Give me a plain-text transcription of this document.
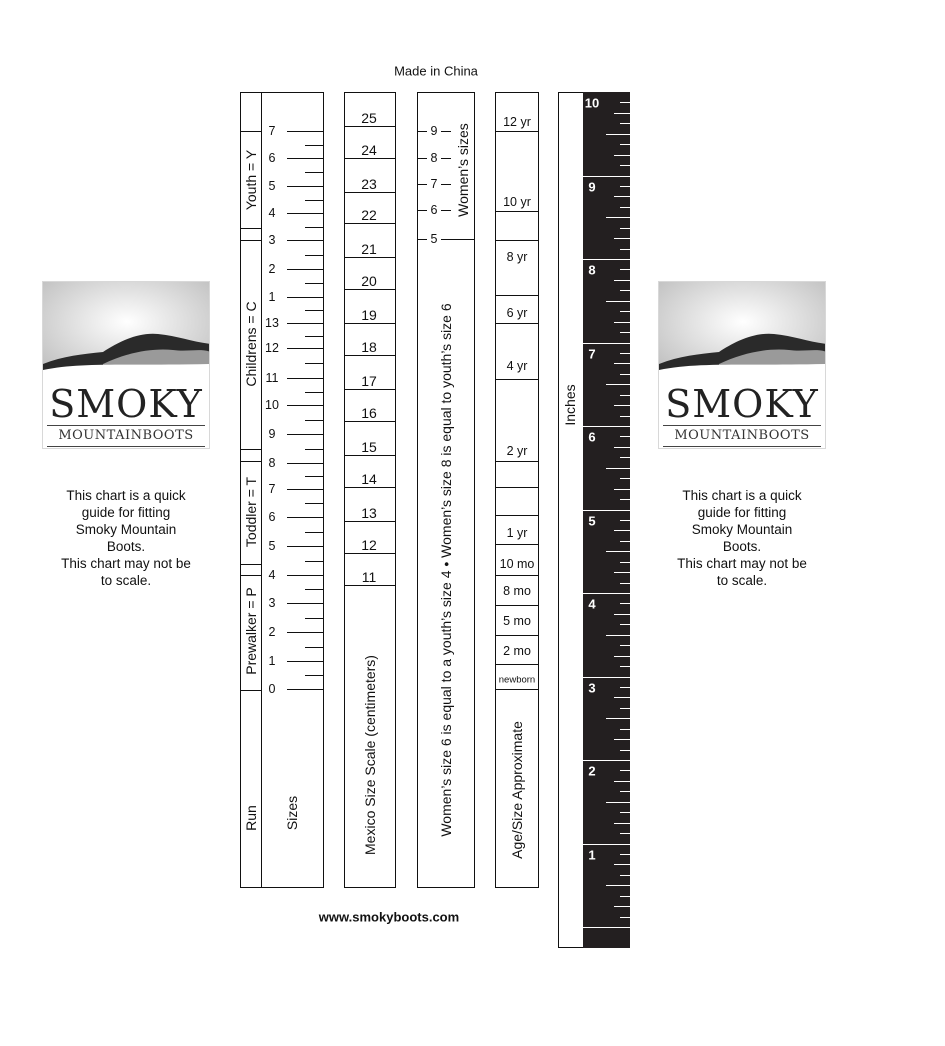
Made in China
www.smokyboots.com
SMOKY
MOUNTAINBOOTS
SMOKY
MOUNTAINBOOTS
This chart is a quick
guide for fitting
Smoky Mountain
Boots.
This chart may not be
to scale.
This chart is a quick
guide for fitting
Smoky Mountain
Boots.
This chart may not be
to scale.
Youth = Y
Childrens = C
Toddler = T
Prewalker = P
Run Sizes
7
6
5
4
3
2
1
13
12
11
10
9
8
7
6
5
4
3
2
1
0
25
24
23
22
21
20
19
18
17
16
15
14
13
12
11
Mexico Size Scale (centimeters)
9
8
7
6
5
Women’s sizes
Women’s size 6 is equal to a youth’s size 4 • Women’s size 8 is equal to youth’s size 6
12 yr
10 yr
8 yr
6 yr
4 yr
2 yr
1 yr
10 mo
8 mo
5 mo
2 mo
newborn
Age/Size Approximate
Inches
10
9
8
7
6
5
4
3
2
1
